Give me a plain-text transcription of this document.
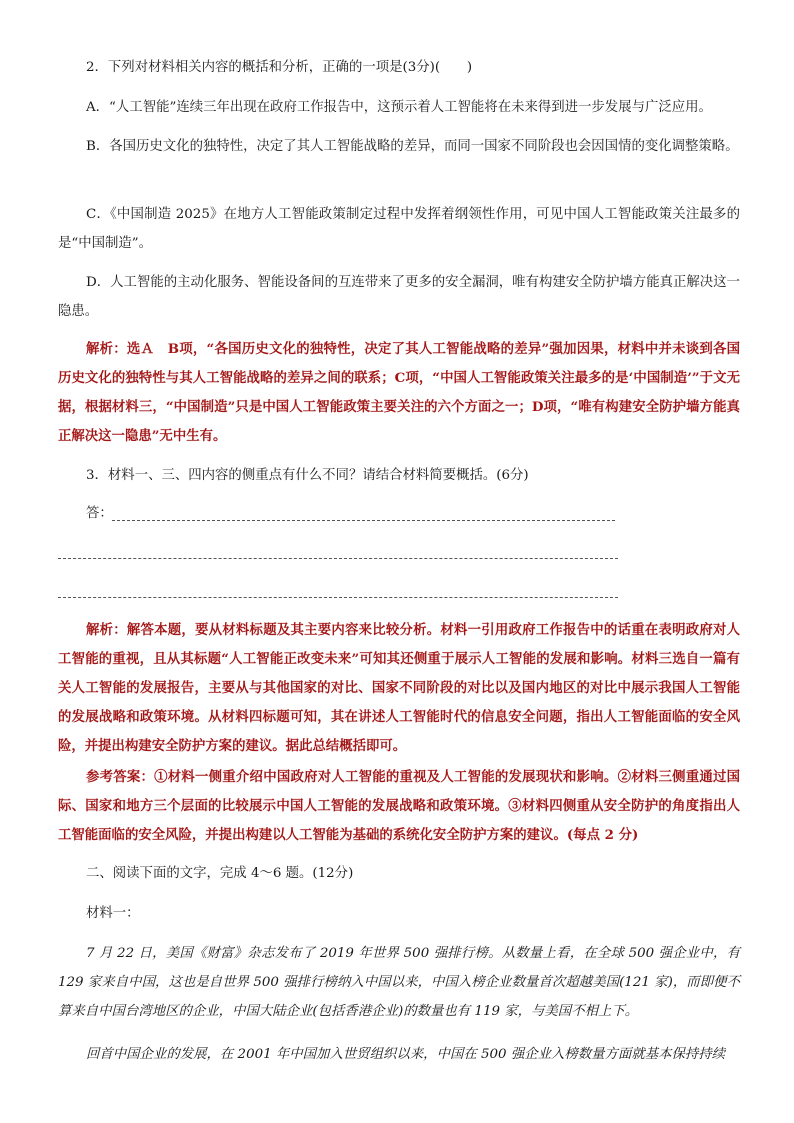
2．下列对材料相关内容的概括和分析，正确的一项是(3分)(　　)

A．“人工智能”连续三年出现在政府工作报告中，这预示着人工智能将在未来得到进一步发展与广泛应用。

B．各国历史文化的独特性，决定了其人工智能战略的差异，而同一国家不同阶段也会因国情的变化调整策略。

C．《中国制造 2025》在地方人工智能政策制定过程中发挥着纲领性作用，可见中国人工智能政策关注最多的是“中国制造”。

D．人工智能的主动化服务、智能设备间的互连带来了更多的安全漏洞，唯有构建安全防护墙方能真正解决这一隐患。

解析：选Ａ　B项，“各国历史文化的独特性，决定了其人工智能战略的差异”强加因果，材料中并未谈到各国历史文化的独特性与其人工智能战略的差异之间的联系；C项，“中国人工智能政策关注最多的是‘中国制造’”于文无据，根据材料三，“中国制造”只是中国人工智能政策主要关注的六个方面之一；D项，“唯有构建安全防护墙方能真正解决这一隐患”无中生有。

3．材料一、三、四内容的侧重点有什么不同？请结合材料简要概括。(6分)

答：

解析：解答本题，要从材料标题及其主要内容来比较分析。材料一引用政府工作报告中的话重在表明政府对人工智能的重视，且从其标题“人工智能正改变未来”可知其还侧重于展示人工智能的发展和影响。材料三选自一篇有关人工智能的发展报告，主要从与其他国家的对比、国家不同阶段的对比以及国内地区的对比中展示我国人工智能的发展战略和政策环境。从材料四标题可知，其在讲述人工智能时代的信息安全问题，指出人工智能面临的安全风险，并提出构建安全防护方案的建议。据此总结概括即可。

参考答案：①材料一侧重介绍中国政府对人工智能的重视及人工智能的发展现状和影响。②材料三侧重通过国际、国家和地方三个层面的比较展示中国人工智能的发展战略和政策环境。③材料四侧重从安全防护的角度指出人工智能面临的安全风险，并提出构建以人工智能为基础的系统化安全防护方案的建议。(每点 2 分)

二、阅读下面的文字，完成 4～6 题。(12分)

材料一：

7 月 22 日，美国《财富》杂志发布了 2019 年世界 500 强排行榜。从数量上看，在全球 500 强企业中，有 129 家来自中国，这也是自世界 500 强排行榜纳入中国以来，中国入榜企业数量首次超越美国(121 家)，而即便不算来自中国台湾地区的企业，中国大陆企业(包括香港企业)的数量也有 119 家，与美国不相上下。

回首中国企业的发展，在 2001 年中国加入世贸组织以来，中国在 500 强企业入榜数量方面就基本保持持续
